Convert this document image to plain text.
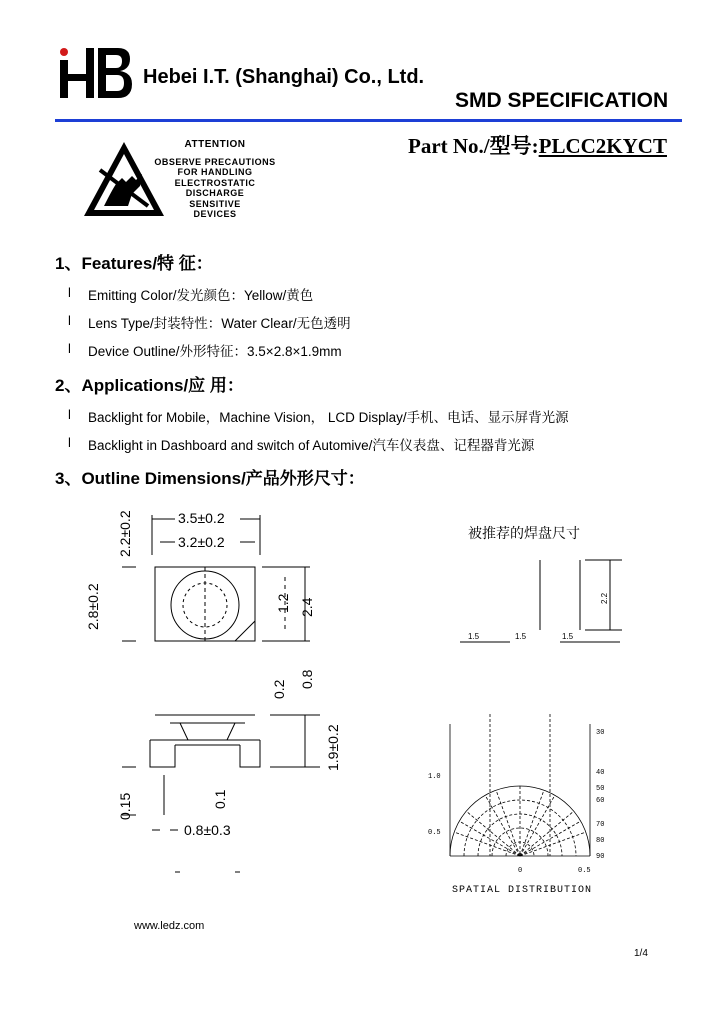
Hebei I.T. (Shanghai) Co., Ltd.
SMD SPECIFICATION
Part No./型号:PLCC2KYCT
ATTENTION
OBSERVE PRECAUTIONS
FOR HANDLING
ELECTROSTATIC
DISCHARGE
SENSITIVE
DEVICES
1、Features/特 征：
l Emitting Color/发光颜色：Yellow/黄色
l Lens Type/封装特性：Water Clear/无色透明
l Device Outline/外形特征：3.5×2.8×1.9mm
2、Applications/应 用：
l Backlight for Mobile，Machine Vision， LCD Display/手机、电话、显示屏背光源
l Backlight in Dashboard and switch of Automive/汽车仪表盘、记程器背光源
3、Outline Dimensions/产品外形尺寸：
3.5±0.2
3.2±0.2
2.2±0.2
2.8±0.2	1.2 2.4
0.2
0.8
1.9±0.2
0.15	0.1
0.8±0.3
被推荐的焊盘尺寸
1.5	1.5	1.5
2.2
1.0
0.5
0	0.5
30
40
50
60
70
80
90
SPATIAL DISTRIBUTION
www.ledz.com
1/4
